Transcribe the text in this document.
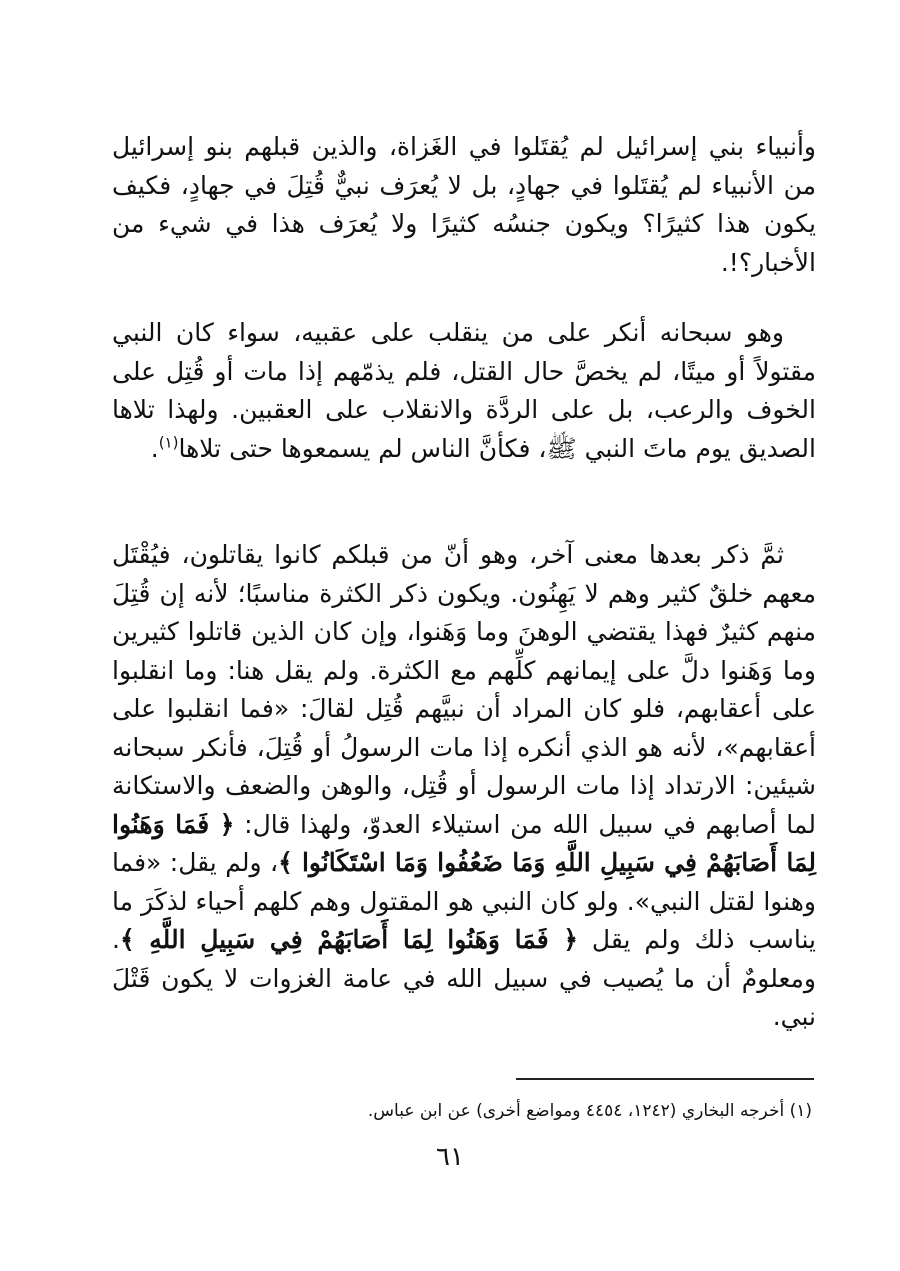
وأنبياء بني إسرائيل لم يُقتَلوا في الغَزاة، والذين قبلهم بنو إسرائيل من الأنبياء لم يُقتَلوا في جهادٍ، بل لا يُعرَف نبيٌّ قُتِلَ في جهادٍ، فكيف يكون هذا كثيرًا؟ ويكون جنسُه كثيرًا ولا يُعرَف هذا في شيء من الأخبار؟!.

وهو سبحانه أنكر على من ينقلب على عقبيه، سواء كان النبي مقتولاً أو ميتًا، لم يخصَّ حال القتل، فلم يذمّهم إذا مات أو قُتِل على الخوف والرعب، بل على الردَّة والانقلاب على العقبين. ولهذا تلاها الصديق يوم ماتَ النبي ﷺ، فكأنَّ الناس لم يسمعوها حتى تلاها$^{(١)}$.

ثمَّ ذكر بعدها معنى آخر، وهو أنّ من قبلكم كانوا يقاتلون، فيُقْتَل معهم خلقٌ كثير وهم لا يَهِنُون. ويكون ذكر الكثرة مناسبًا؛ لأنه إن قُتِلَ منهم كثيرٌ فهذا يقتضي الوهنَ وما وَهَنوا، وإن كان الذين قاتلوا كثيرين وما وَهَنوا دلَّ على إيمانهم كلِّهم مع الكثرة. ولم يقل هنا: وما انقلبوا على أعقابهم، فلو كان المراد أن نبيَّهم قُتِل لقالَ: «فما انقلبوا على أعقابهم»، لأنه هو الذي أنكره إذا مات الرسولُ أو قُتِلَ، فأنكر سبحانه شيئين: الارتداد إذا مات الرسول أو قُتِل، والوهن والضعف والاستكانة لما أصابهم في سبيل الله من استيلاء العدوّ، ولهذا قال: ﴿ فَمَا وَهَنُوا لِمَا أَصَابَهُمْ فِي سَبِيلِ اللَّهِ وَمَا ضَعُفُوا وَمَا اسْتَكَانُوا ﴾، ولم يقل: «فما وهنوا لقتل النبي». ولو كان النبي هو المقتول وهم كلهم أحياء لذكَرَ ما يناسب ذلك ولم يقل ﴿ فَمَا وَهَنُوا لِمَا أَصَابَهُمْ فِي سَبِيلِ اللَّهِ ﴾. ومعلومٌ أن ما يُصيب في سبيل الله في عامة الغزوات لا يكون قَتْلَ نبي.

(١) أخرجه البخاري (١٢٤٢، ٤٤٥٤ ومواضع أخرى) عن ابن عباس.
٦١
